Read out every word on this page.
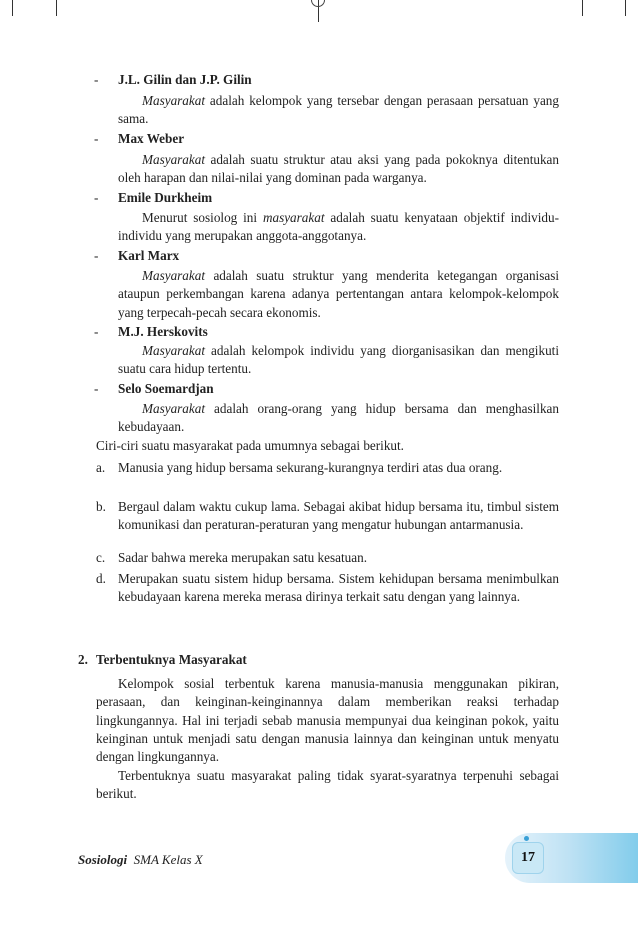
- J.L. Gilin dan J.P. Gilin
Masyarakat adalah kelompok yang tersebar dengan perasaan persatuan yang sama.
- Max Weber
Masyarakat adalah suatu struktur atau aksi yang pada pokoknya ditentukan oleh harapan dan nilai-nilai yang dominan pada warganya.
- Emile Durkheim
Menurut sosiolog ini masyarakat adalah suatu kenyataan objektif individu-individu yang merupakan anggota-anggotanya.
- Karl Marx
Masyarakat adalah suatu struktur yang menderita ketegangan organisasi ataupun perkembangan karena adanya pertentangan antara kelompok-kelompok yang terpecah-pecah secara ekonomis.
- M.J. Herskovits
Masyarakat adalah kelompok individu yang diorganisasikan dan mengikuti suatu cara hidup tertentu.
- Selo Soemardjan
Masyarakat adalah orang-orang yang hidup bersama dan menghasilkan kebudayaan.
Ciri-ciri suatu masyarakat pada umumnya sebagai berikut.
a. Manusia yang hidup bersama sekurang-kurangnya terdiri atas dua orang.
b. Bergaul dalam waktu cukup lama. Sebagai akibat hidup bersama itu, timbul sistem komunikasi dan peraturan-peraturan yang mengatur hubungan antarmanusia.
c. Sadar bahwa mereka merupakan satu kesatuan.
d. Merupakan suatu sistem hidup bersama. Sistem kehidupan bersama menimbulkan kebudayaan karena mereka merasa dirinya terkait satu dengan yang lainnya.
2. Terbentuknya Masyarakat
Kelompok sosial terbentuk karena manusia-manusia menggunakan pikiran, perasaan, dan keinginan-keinginannya dalam memberikan reaksi terhadap lingkungannya. Hal ini terjadi sebab manusia mempunyai dua keinginan pokok, yaitu keinginan untuk menjadi satu dengan manusia lainnya dan keinginan untuk menyatu dengan lingkungannya.
Terbentuknya suatu masyarakat paling tidak syarat-syaratnya terpenuhi sebagai berikut.
Sosiologi SMA Kelas X	17
